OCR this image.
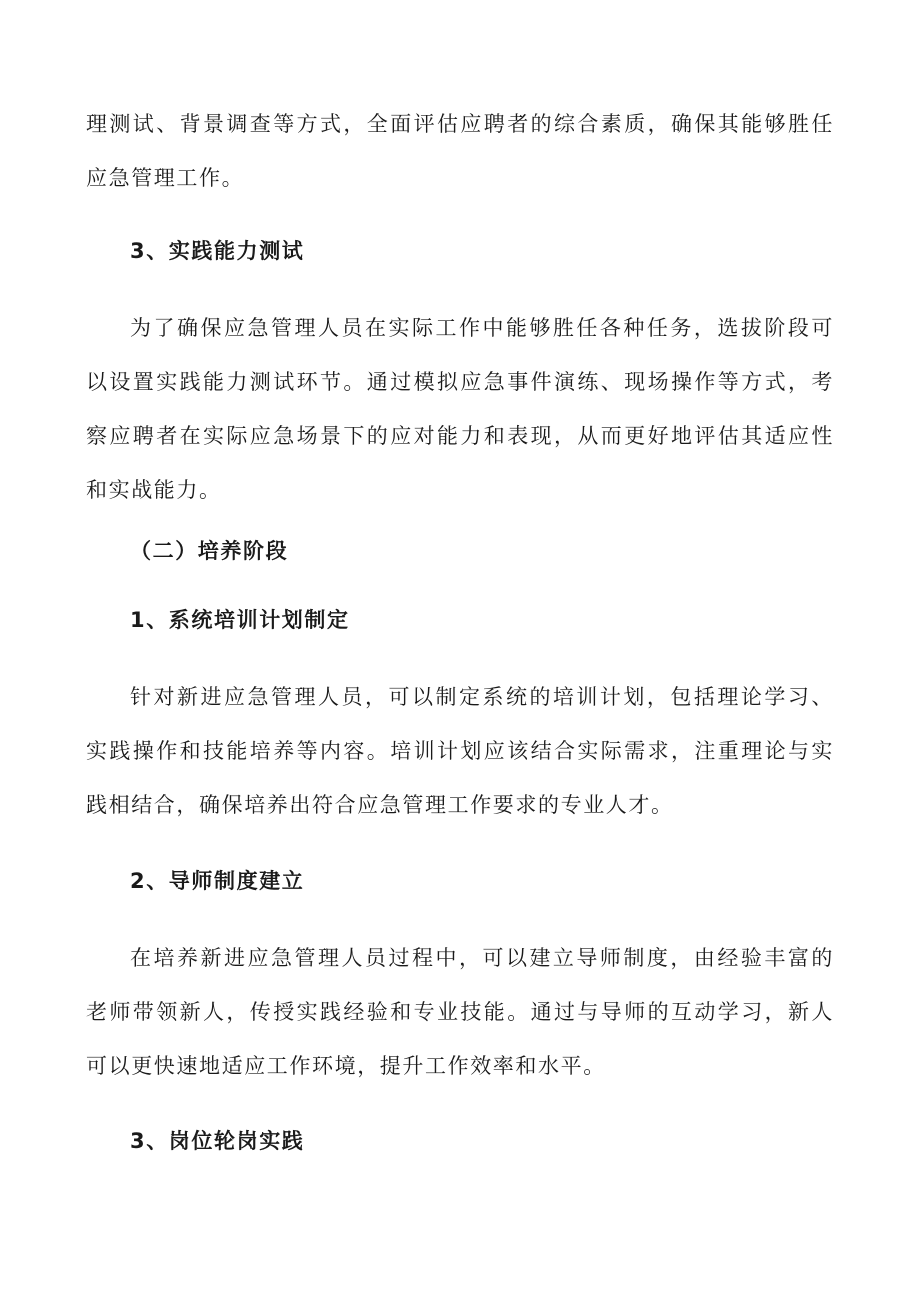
理测试、背景调查等方式，全面评估应聘者的综合素质，确保其能够胜任
应急管理工作。
3、实践能力测试
为了确保应急管理人员在实际工作中能够胜任各种任务，选拔阶段可
以设置实践能力测试环节。通过模拟应急事件演练、现场操作等方式，考
察应聘者在实际应急场景下的应对能力和表现，从而更好地评估其适应性
和实战能力。
（二）培养阶段
1、系统培训计划制定
针对新进应急管理人员，可以制定系统的培训计划，包括理论学习、
实践操作和技能培养等内容。培训计划应该结合实际需求，注重理论与实
践相结合，确保培养出符合应急管理工作要求的专业人才。
2、导师制度建立
在培养新进应急管理人员过程中，可以建立导师制度，由经验丰富的
老师带领新人，传授实践经验和专业技能。通过与导师的互动学习，新人
可以更快速地适应工作环境，提升工作效率和水平。
3、岗位轮岗实践
